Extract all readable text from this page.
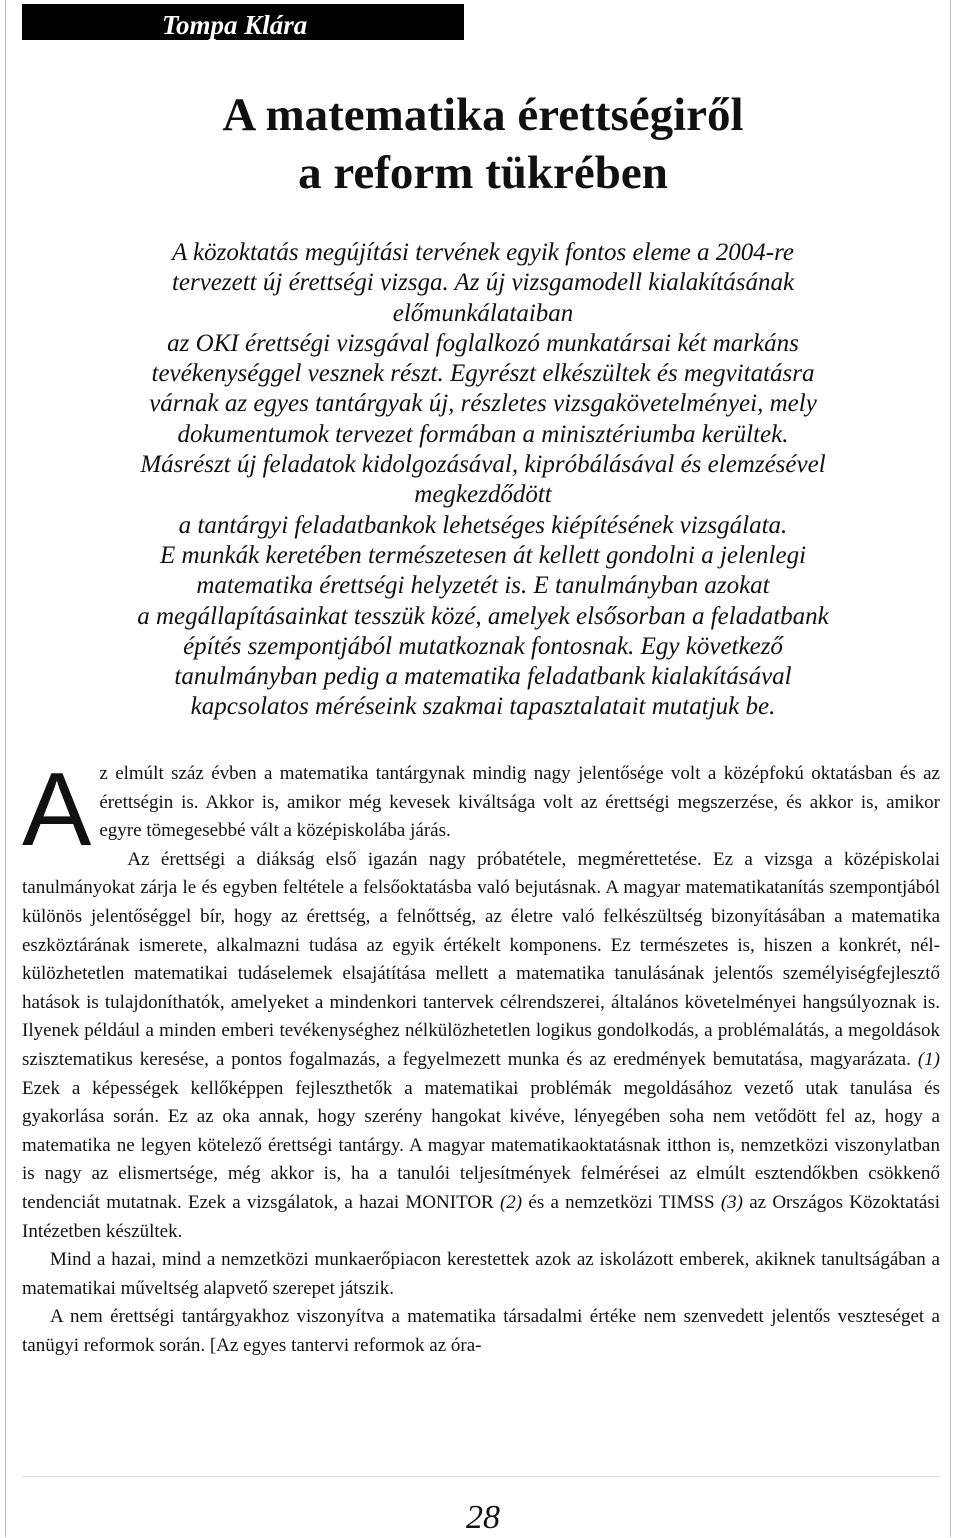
Tompa Klára
A matematika érettségiről
a reform tükrében
A közoktatás megújítási tervének egyik fontos eleme a 2004-re
tervezett új érettségi vizsga. Az új vizsgamodell kialakításának
előmunkálataiban
az OKI érettségi vizsgával foglalkozó munkatársai két markáns
tevékenységgel vesznek részt. Egyrészt elkészültek és megvitatásra
várnak az egyes tantárgyak új, részletes vizsgakövetelményei, mely
dokumentumok tervezet formában a minisztériumba kerültek.
Másrészt új feladatok kidolgozásával, kipróbálásával és elemzésével
megkezdődött
a tantárgyi feladatbankok lehetséges kiépítésének vizsgálata.
E munkák keretében természetesen át kellett gondolni a jelenlegi
matematika érettségi helyzetét is. E tanulmányban azokat
a megállapításainkat tesszük közé, amelyek elsősorban a feladatbank
építés szempontjából mutatkoznak fontosnak. Egy következő
tanulmányban pedig a matematika feladatbank kialakításával
kapcsolatos méréseink szakmai tapasztalatait mutatjuk be.

Az elmúlt száz évben a matematika tantárgynak mindig nagy jelentősége volt a középfokú oktatásban és az érettségin is. Akkor is, amikor még kevesek kiváltsága volt az érettségi megszerzése, és akkor is, amikor egyre tömegesebbé vált a középiskolába járás.

Az érettségi a diákság első igazán nagy próbatétele, megmérettetése. Ez a vizsga a középiskolai tanulmányokat zárja le és egyben feltétele a felsőoktatásba való bejutásnak. A magyar matematikatanítás szempontjából különös jelentőséggel bír, hogy az érettség, a felnőttség, az életre való felkészültség bizonyításában a matematika eszköztárának ismerete, alkalmazni tudása az egyik értékelt komponens. Ez természetes is, hiszen a konkrét, nélkülözhetetlen matematikai tudáselemek elsajátítása mellett a matematika tanulásának jelentős személyiségfejlesztő hatások is tulajdoníthatók, amelyeket a mindenkori tantervek célrendszerei, általános követelményei hangsúlyoznak is. Ilyenek például a minden emberi tevékenységhez nélkülözhetetlen logikus gondolkodás, a problémalátás, a megoldások szisztematikus keresése, a pontos fogalmazás, a fegyelmezett munka és az eredmények bemutatása, magyarázata. (1) Ezek a képességek kellőképpen fejleszthetők a matematikai problémák megoldásához vezető utak tanulása és gyakorlása során. Ez az oka annak, hogy szerény hangokat kivéve, lényegében soha nem vetődött fel az, hogy a matematika ne legyen kötelező érettségi tantárgy. A magyar matematikaoktatásnak itthon is, nemzetközi viszonylatban is nagy az elismertsége, még akkor is, ha a tanulói teljesítmények felmérései az elmúlt esztendőkben csökkenő tendenciát mutatnak. Ezek a vizsgálatok, a hazai MONITOR (2) és a nemzetközi TIMSS (3) az Országos Közoktatási Intézetben készültek.

Mind a hazai, mind a nemzetközi munkaerőpiacon kerestettek azok az iskolázott emberek, akiknek tanultságában a matematikai műveltség alapvető szerepet játszik.

A nem érettségi tantárgyakhoz viszonyítva a matematika társadalmi értéke nem szenvedett jelentős veszteséget a tanügyi reformok során. [Az egyes tantervi reformok az óra-

28
